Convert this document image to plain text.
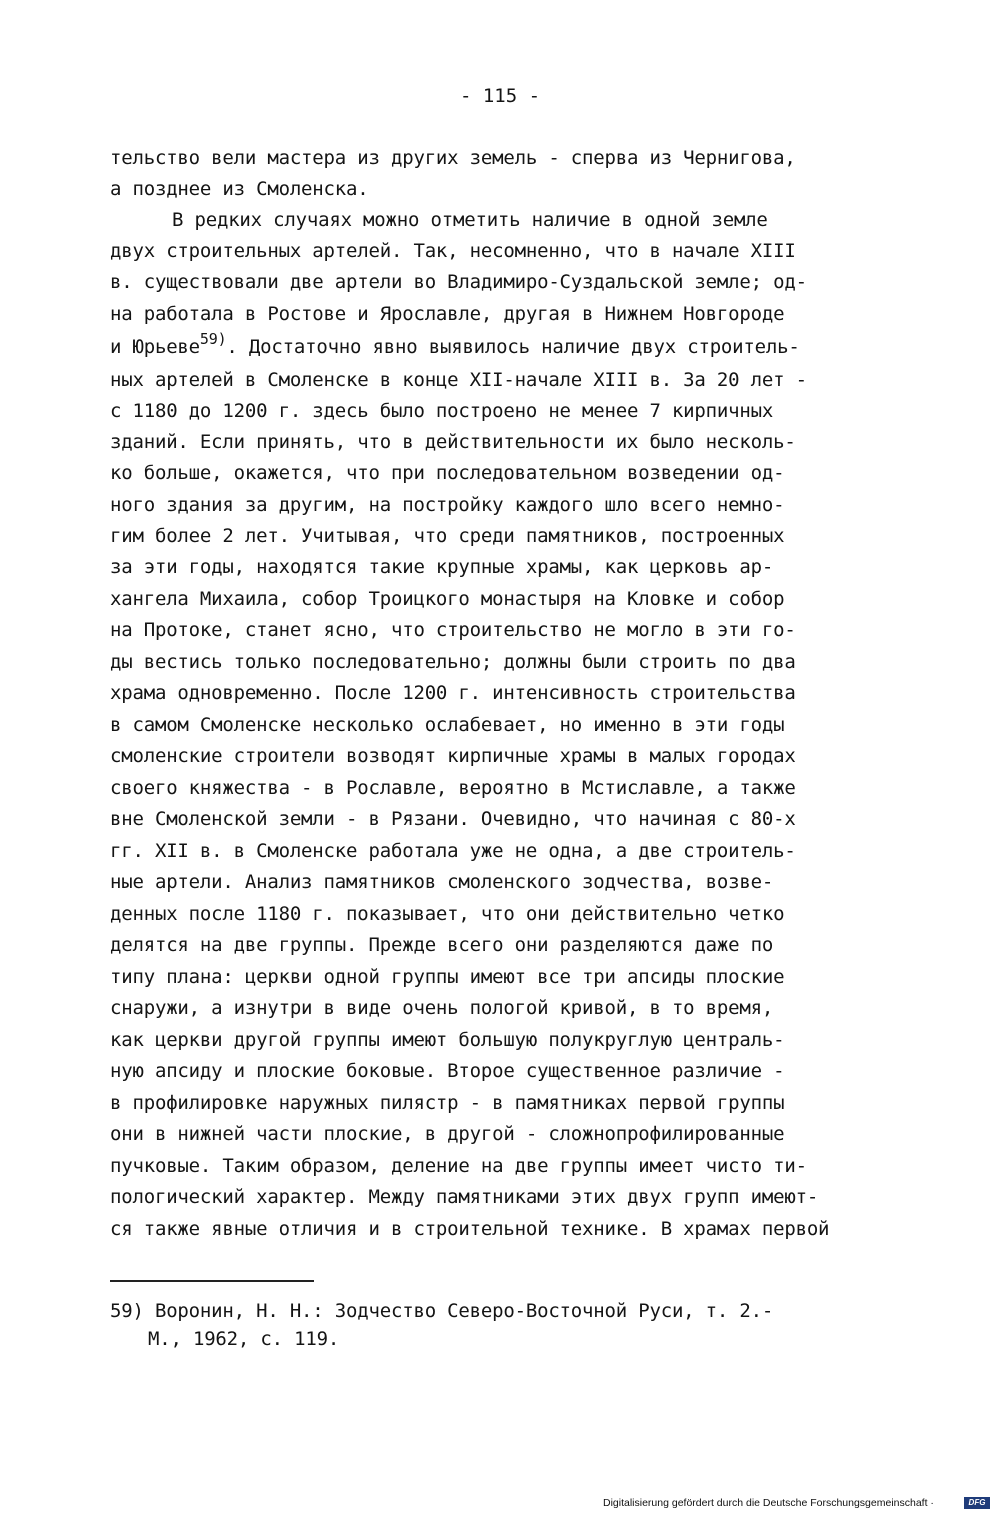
- 115 -
тельство вели мастера из других земель - сперва из Чернигова,
а позднее из Смоленска.
В редких случаях можно отметить наличие в одной земле
двух строительных артелей. Так, несомненно, что в начале XIII
в. существовали две артели во Владимиро-Суздальской земле; од-
на работала в Ростове и Ярославле, другая в Нижнем Новгороде
и Юрьеве$^{59)}$. Достаточно явно выявилось наличие двух строитель-
ных артелей в Смоленске в конце XII-начале XIII в. За 20 лет -
с 1180 до 1200 г. здесь было построено не менее 7 кирпичных
зданий. Если принять, что в действительности их было несколь-
ко больше, окажется, что при последовательном возведении од-
ного здания за другим, на постройку каждого шло всего немно-
гим более 2 лет. Учитывая, что среди памятников, построенных
за эти годы, находятся такие крупные храмы, как церковь ар-
хангела Михаила, собор Троицкого монастыря на Кловке и собор
на Протоке, станет ясно, что строительство не могло в эти го-
ды вестись только последовательно; должны были строить по два
храма одновременно. После 1200 г. интенсивность строительства
в самом Смоленске несколько ослабевает, но именно в эти годы
смоленские строители возводят кирпичные храмы в малых городах
своего княжества - в Рославле, вероятно в Мстиславле, а также
вне Смоленской земли - в Рязани. Очевидно, что начиная с 80-х
гг. XII в. в Смоленске работала уже не одна, а две строитель-
ные артели. Анализ памятников смоленского зодчества, возве-
денных после 1180 г. показывает, что они действительно четко
делятся на две группы. Прежде всего они разделяются даже по
типу плана: церкви одной группы имеют все три апсиды плоские
снаружи, а изнутри в виде очень пологой кривой, в то время,
как церкви другой группы имеют большую полукруглую централь-
ную апсиду и плоские боковые. Второе существенное различие -
в профилировке наружных пилястр - в памятниках первой группы
они в нижней части плоские, в другой - сложнопрофилированные
пучковые. Таким образом, деление на две группы имеет чисто ти-
пологический характер. Между памятниками этих двух групп имеют-
ся также явные отличия и в строительной технике. В храмах первой
59) Воронин, Н. Н.: Зодчество Северо-Восточной Руси, т. 2.-
М., 1962, с. 119.
Digitalisierung gefördert durch die Deutsche Forschungsgemeinschaft ·	DFG
